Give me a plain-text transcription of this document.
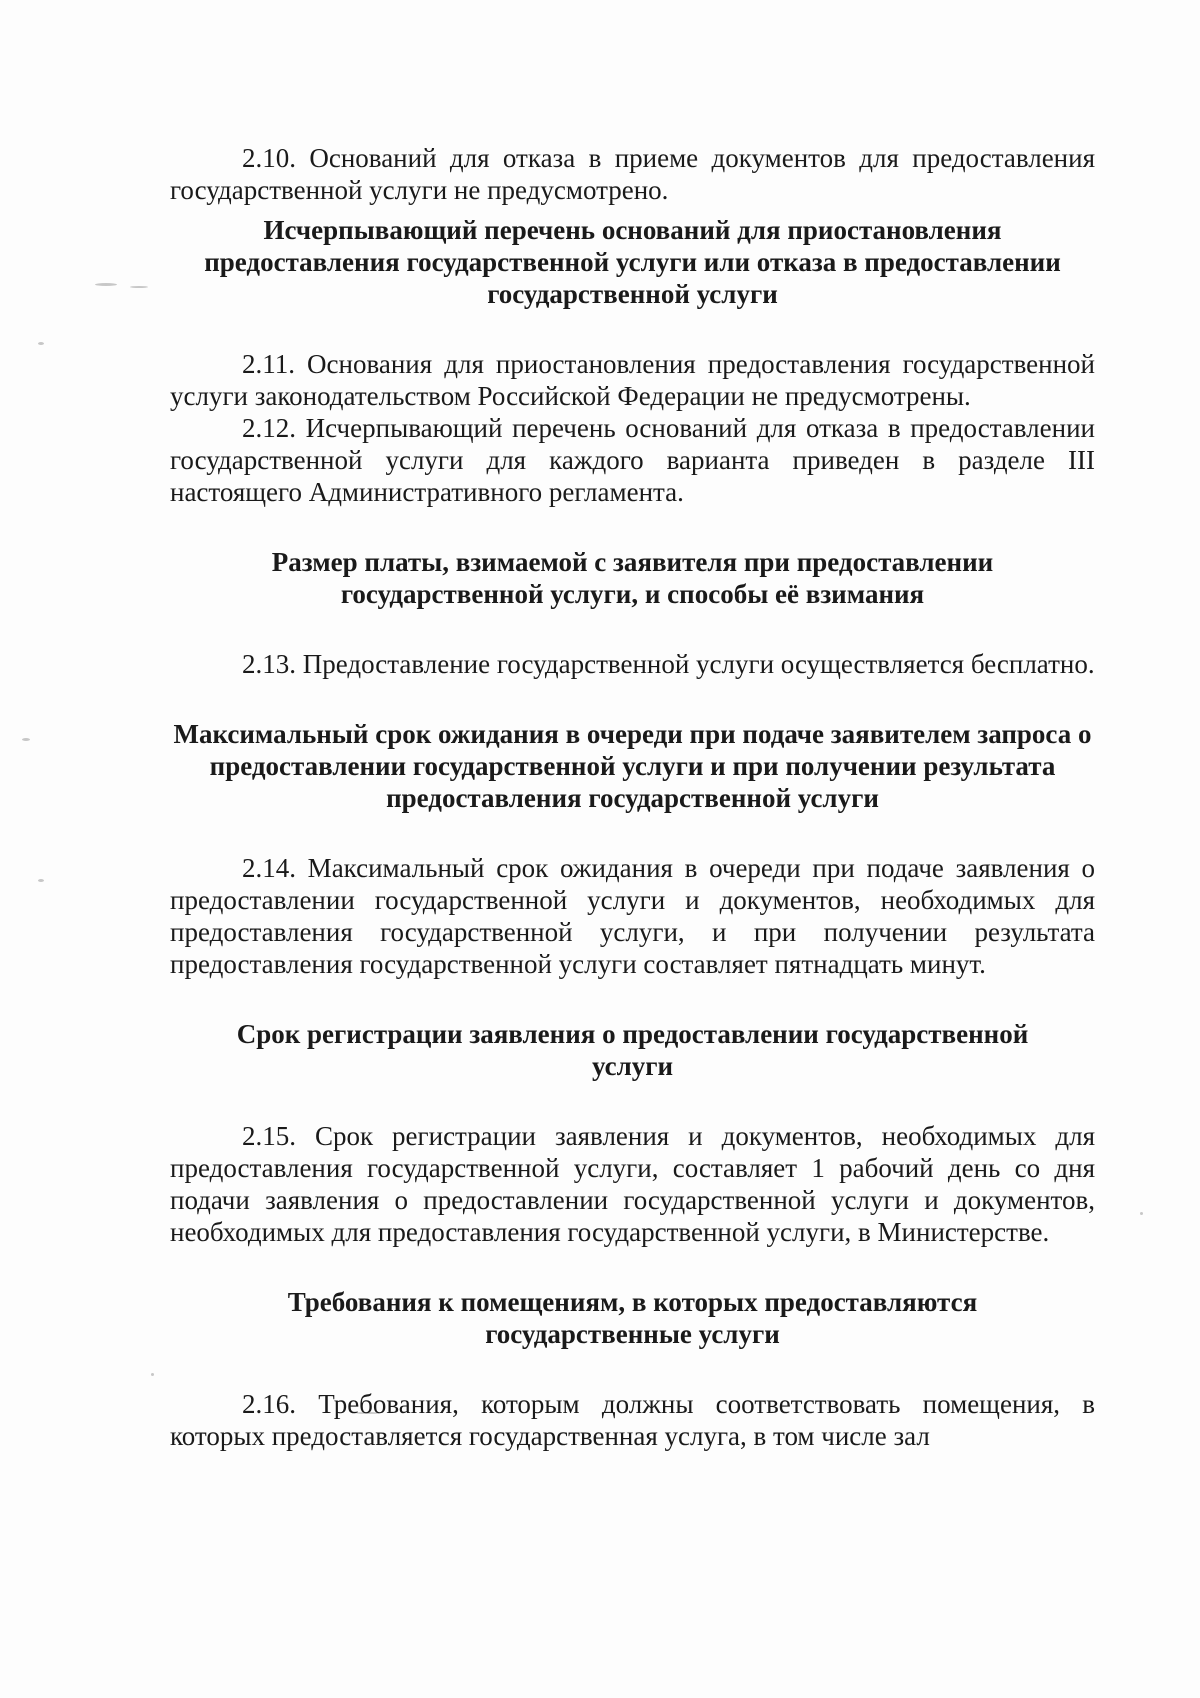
2.10. Оснований для отказа в приеме документов для предоставления государственной услуги не предусмотрено.

Исчерпывающий перечень оснований для приостановления предоставления государственной услуги или отказа в предоставлении государственной услуги

2.11. Основания для приостановления предоставления государственной услуги законодательством Российской Федерации не предусмотрены.

2.12. Исчерпывающий перечень оснований для отказа в предоставлении государственной услуги для каждого варианта приведен в разделе III настоящего Административного регламента.

Размер платы, взимаемой с заявителя при предоставлении государственной услуги, и способы её взимания

2.13. Предоставление государственной услуги осуществляется бесплатно.

Максимальный срок ожидания в очереди при подаче заявителем запроса о предоставлении государственной услуги и при получении результата предоставления государственной услуги

2.14. Максимальный срок ожидания в очереди при подаче заявления о предоставлении государственной услуги и документов, необходимых для предоставления государственной услуги, и при получении результата предоставления государственной услуги составляет пятнадцать минут.

Срок регистрации заявления о предоставлении государственной услуги

2.15. Срок регистрации заявления и документов, необходимых для предоставления государственной услуги, составляет 1 рабочий день со дня подачи заявления о предоставлении государственной услуги и документов, необходимых для предоставления государственной услуги, в Министерстве.

Требования к помещениям, в которых предоставляются государственные услуги

2.16. Требования, которым должны соответствовать помещения, в которых предоставляется государственная услуга, в том числе зал
